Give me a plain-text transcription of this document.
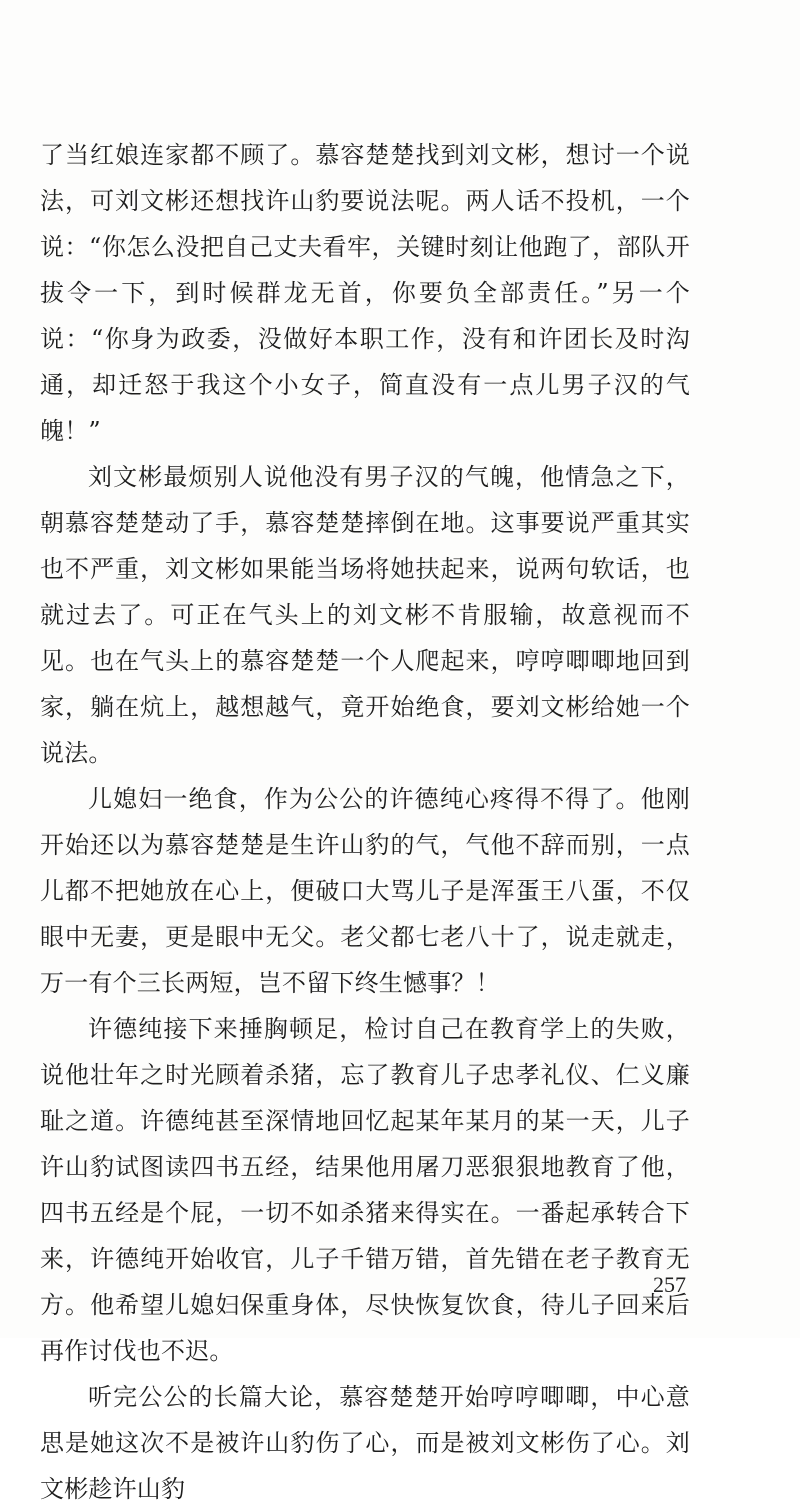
了当红娘连家都不顾了。慕容楚楚找到刘文彬，想讨一个说法，可刘文彬还想找许山豹要说法呢。两人话不投机，一个说：“你怎么没把自己丈夫看牢，关键时刻让他跑了，部队开拔令一下，到时候群龙无首，你要负全部责任。”另一个说：“你身为政委，没做好本职工作，没有和许团长及时沟通，却迁怒于我这个小女子，简直没有一点儿男子汉的气魄！”

刘文彬最烦别人说他没有男子汉的气魄，他情急之下，朝慕容楚楚动了手，慕容楚楚摔倒在地。这事要说严重其实也不严重，刘文彬如果能当场将她扶起来，说两句软话，也就过去了。可正在气头上的刘文彬不肯服输，故意视而不见。也在气头上的慕容楚楚一个人爬起来，哼哼唧唧地回到家，躺在炕上，越想越气，竟开始绝食，要刘文彬给她一个说法。

儿媳妇一绝食，作为公公的许德纯心疼得不得了。他刚开始还以为慕容楚楚是生许山豹的气，气他不辞而别，一点儿都不把她放在心上，便破口大骂儿子是浑蛋王八蛋，不仅眼中无妻，更是眼中无父。老父都七老八十了，说走就走，万一有个三长两短，岂不留下终生憾事？！

许德纯接下来捶胸顿足，检讨自己在教育学上的失败，说他壮年之时光顾着杀猪，忘了教育儿子忠孝礼仪、仁义廉耻之道。许德纯甚至深情地回忆起某年某月的某一天，儿子许山豹试图读四书五经，结果他用屠刀恶狠狠地教育了他，四书五经是个屁，一切不如杀猪来得实在。一番起承转合下来，许德纯开始收官，儿子千错万错，首先错在老子教育无方。他希望儿媳妇保重身体，尽快恢复饮食，待儿子回来后再作讨伐也不迟。

听完公公的长篇大论，慕容楚楚开始哼哼唧唧，中心意思是她这次不是被许山豹伤了心，而是被刘文彬伤了心。刘文彬趁许山豹

257
